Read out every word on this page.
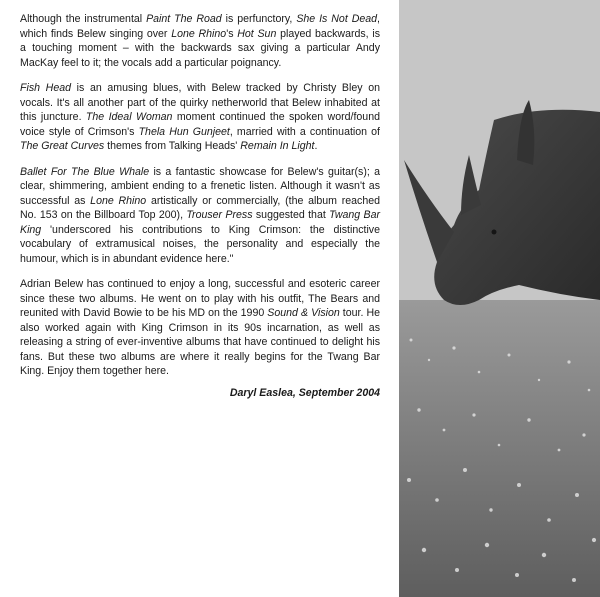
Although the instrumental Paint The Road is perfunctory, She Is Not Dead, which finds Belew singing over Lone Rhino's Hot Sun played backwards, is a touching moment – with the backwards sax giving a particular Andy MacKay feel to it; the vocals add a particular poignancy.

Fish Head is an amusing blues, with Belew tracked by Christy Bley on vocals. It's all another part of the quirky netherworld that Belew inhabited at this juncture. The Ideal Woman moment continued the spoken word/found voice style of Crimson's Thela Hun Gunjeet, married with a continuation of The Great Curves themes from Talking Heads' Remain In Light.

Ballet For The Blue Whale is a fantastic showcase for Belew's guitar(s); a clear, shimmering, ambient ending to a frenetic listen. Although it wasn't as successful as Lone Rhino artistically or commercially, (the album reached No. 153 on the Billboard Top 200), Trouser Press suggested that Twang Bar King 'underscored his contributions to King Crimson: the distinctive vocabulary of extramusical noises, the personality and especially the humour, which is in abundant evidence here."

Adrian Belew has continued to enjoy a long, successful and esoteric career since these two albums. He went on to play with his outfit, The Bears and reunited with David Bowie to be his MD on the 1990 Sound & Vision tour. He also worked again with King Crimson in its 90s incarnation, as well as releasing a string of ever-inventive albums that have continued to delight his fans. But these two albums are where it really begins for the Twang Bar King. Enjoy them together here.

Daryl Easlea, September 2004
